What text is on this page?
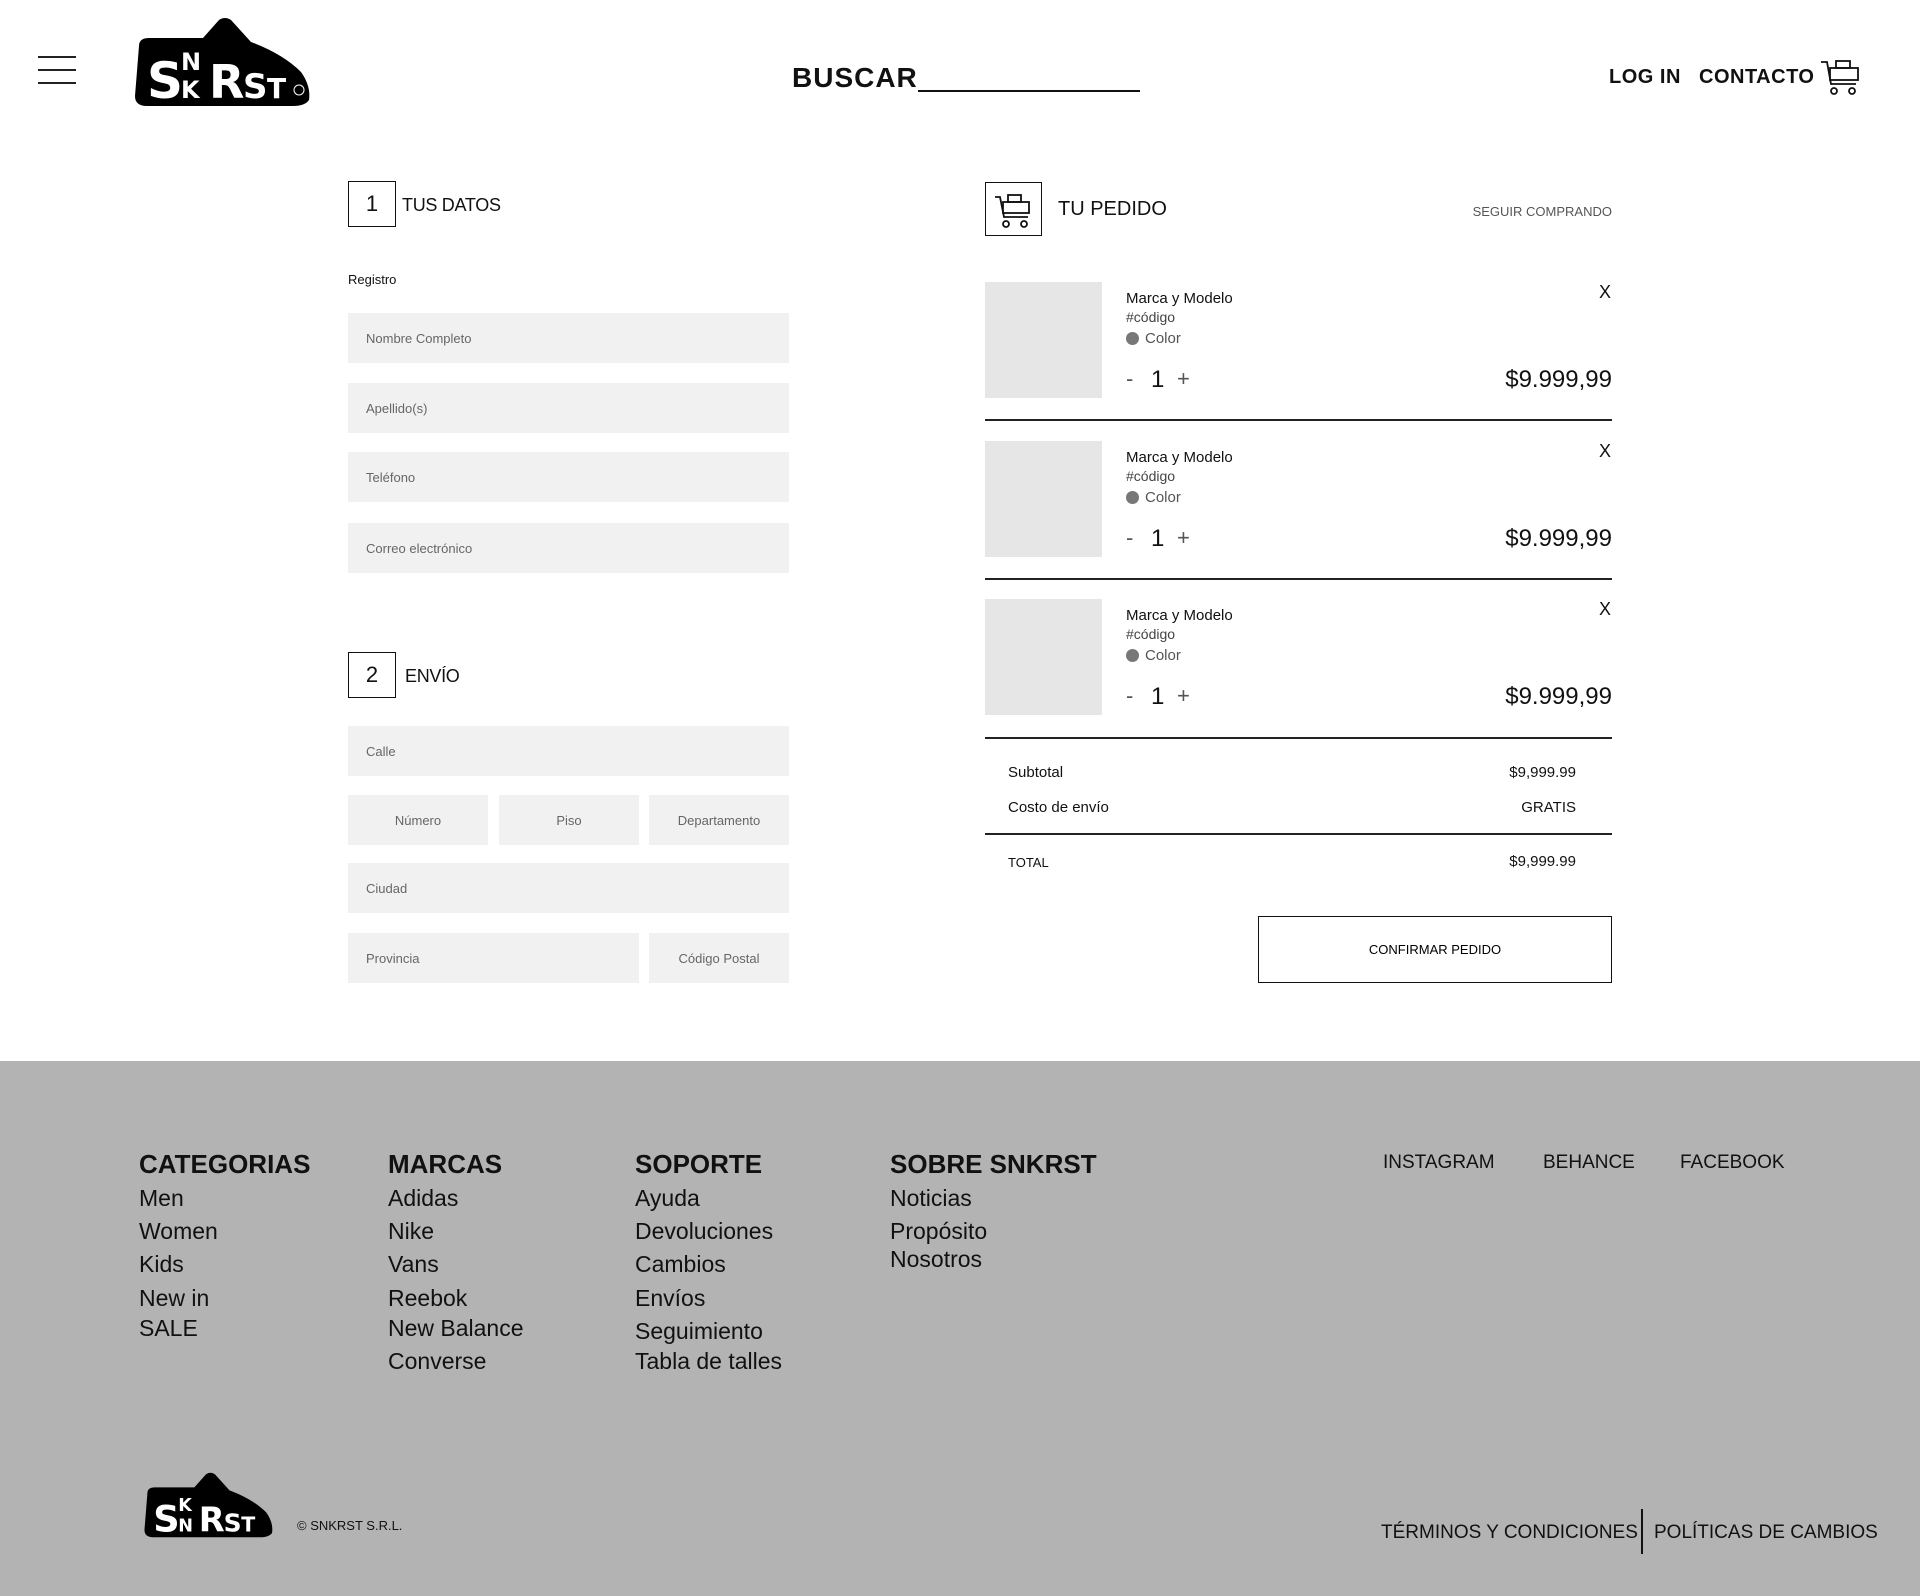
S
N
K R
S T	BUSCAR	LOG IN CONTACTO
1	TUS DATOS
Registro
Nombre Completo
Apellido(s)
Teléfono
Correo electrónico
2	ENVÍO
Calle
Número
Piso
Departamento
Ciudad
Provincia
Código Postal
TU PEDIDO	SEGUIR COMPRANDO
Marca y Modelo
#código
Color
- 1 +	$9.999,99
X
Marca y Modelo
#código
Color
- 1 +	$9.999,99
X
Marca y Modelo
#código
Color
- 1 +	$9.999,99
X
Subtotal	$9,999.99
Costo de envío	GRATIS
TOTAL	$9,999.99
CONFIRMAR PEDIDO
CATEGORIAS
Men
Women
Kids
New in
SALE
MARCAS
Adidas
Nike
Vans
Reebok
New Balance
Converse
SOPORTE
Ayuda
Devoluciones
Cambios
Envíos
Seguimiento
Tabla de talles
SOBRE SNKRST
Noticias
Propósito
Nosotros
INSTAGRAM	BEHANCE FACEBOOK
S
K
N R
S T	© SNKRST S.R.L.	TÉRMINOS Y CONDICIONES POLÍTICAS DE CAMBIOS
